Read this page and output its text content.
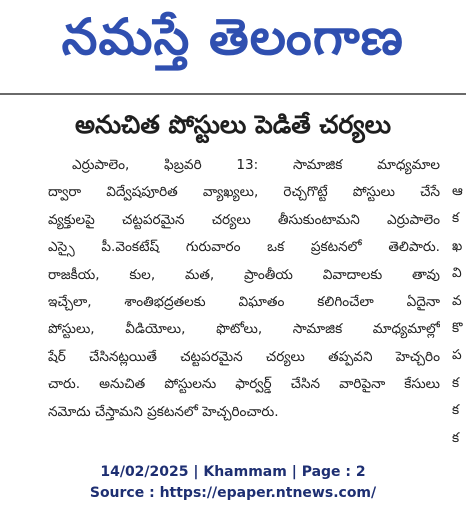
నమస్తే తెలంగాణ
అనుచిత పోస్టులు పెడితే చర్యలు
ఎర్రుపాలెం, ఫిబ్రవరి 13: సామాజిక మాధ్యమాల
ద్వారా విద్వేషపూరిత వ్యాఖ్యలు, రెచ్చగొట్టే పోస్టులు చేసే
వ్యక్తులపై చట్టపరమైన చర్యలు తీసుకుంటామని ఎర్రుపాలెం
ఎస్సై పీ.వెంకటేష్ గురువారం ఒక ప్రకటనలో తెలిపారు.
రాజకీయ, కుల, మత, ప్రాంతీయ వివాదాలకు తావు
ఇచ్చేలా, శాంతిభద్రతలకు విఘాతం కలిగించేలా ఏదైనా
పోస్టులు, వీడియోలు, ఫొటోలు, సామాజిక మాధ్యమాల్లో
షేర్ చేసినట్లయితే చట్టపరమైన చర్యలు తప్పవని హెచ్చరిం
చారు. అనుచిత పోస్టులను ఫార్వర్డ్ చేసిన వారిపైనా కేసులు
నమోదు చేస్తామని ప్రకటనలో హెచ్చరించారు.
ఆ
క
ఖ
వి
వ
కొ
ప
క
క
క
14/02/2025 | Khammam | Page : 2
Source : https://epaper.ntnews.com/
